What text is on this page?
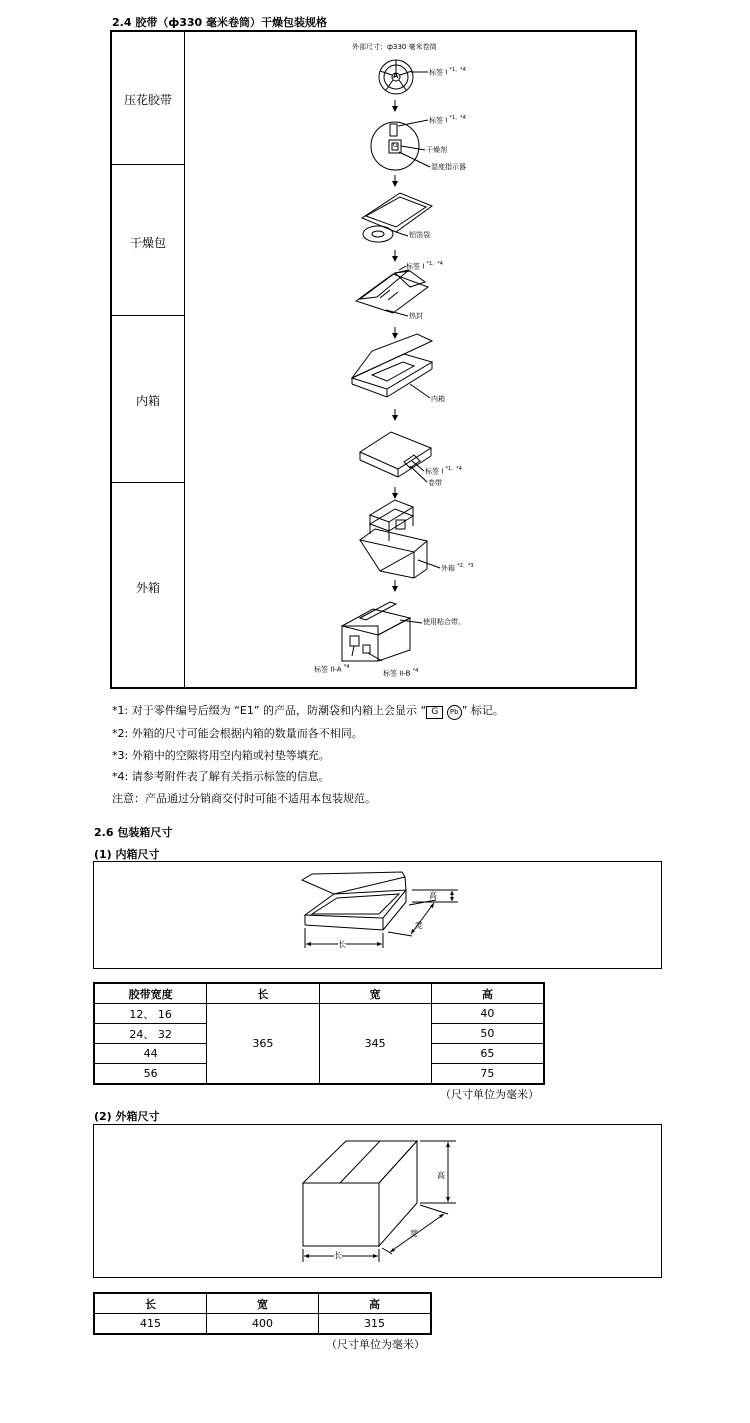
2.4 胶带（ф330 毫米卷筒）干燥包装规格
压花胶带
干燥包
内箱
外箱
外部尺寸：ф330 毫米卷筒
A	标签 I $^{*1、*4}$
标签 I $^{*1、*4}$
G
干燥剂
湿度指示器
铝箔袋
标签 I $^{*1、*4}$
热封
内箱
标签 I $^{*1、*4}$
卷带
外箱 $^{*2、*3}$
使用粘合带。
标签 II-A $^{*4}$
标签 II-B $^{*4}$
*1: 对于零件编号后缀为 “E1” 的产品，防潮袋和内箱上会显示 “ G Pb ” 标记。
*2: 外箱的尺寸可能会根据内箱的数量而各不相同。
*3: 外箱中的空隙将用空内箱或衬垫等填充。
*4: 请参考附件表了解有关指示标签的信息。
注意：产品通过分销商交付时可能不适用本包装规范。
2.6 包装箱尺寸
(1) 内箱尺寸
长
宽
高
胶带宽度	长	宽	高
12、 16	365	345	40
24、 32			50
44			65
56			75
（尺寸单位为毫米）
(2) 外箱尺寸
长
宽
高
长	宽	高
415	400	315
（尺寸单位为毫米）
